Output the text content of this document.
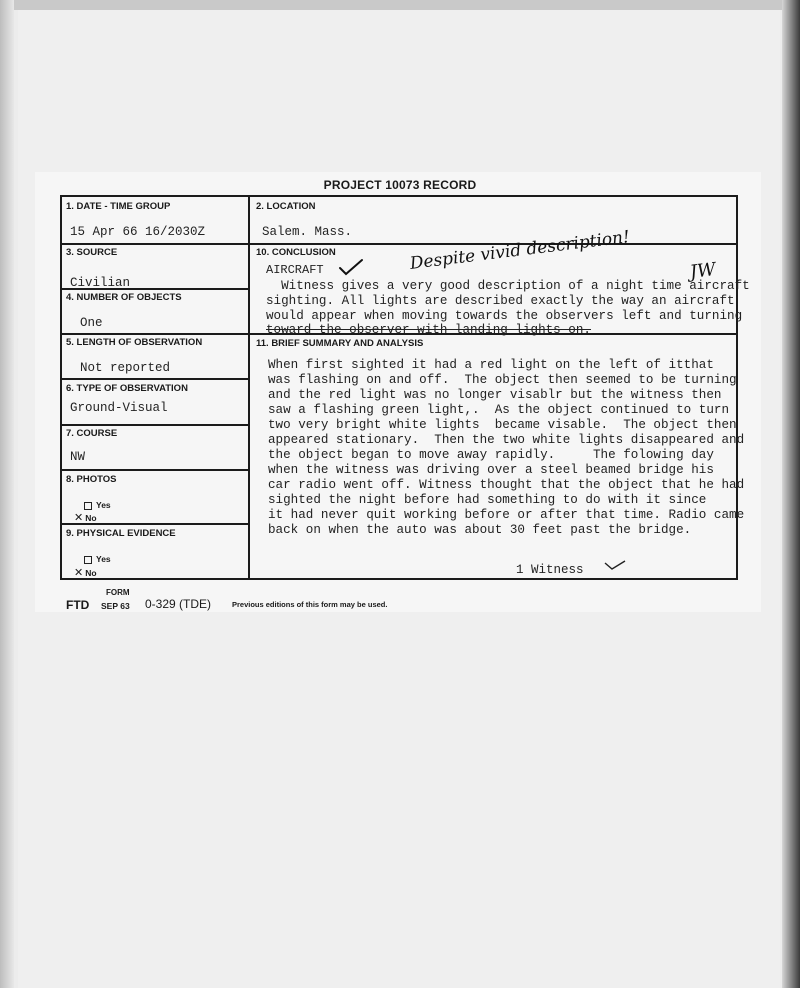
PROJECT 10073 RECORD
1. DATE - TIME GROUP
15 Apr 66 16/2030Z
2. LOCATION
Salem. Mass.
3. SOURCE
Civilian
4. NUMBER OF OBJECTS
One
5. LENGTH OF OBSERVATION
Not reported
6. TYPE OF OBSERVATION
Ground-Visual
7. COURSE
NW
8. PHOTOS
Yes
✕ No
9. PHYSICAL EVIDENCE
Yes
✕ No
10. CONCLUSION
AIRCRAFT	Despite vivid description!	JW
Witness gives a very good description of a night time aircraft
sighting. All lights are described exactly the way an aircraft
would appear when moving towards the observers left and turning
toward the observer with landing lights on.
11. BRIEF SUMMARY AND ANALYSIS
When first sighted it had a red light on the left of itthat
was flashing on and off.  The object then seemed to be turning
and the red light was no longer visablr but the witness then
saw a flashing green light,.  As the object continued to turn
two very bright white lights  became visable.  The object then
appeared stationary.  Then the two white lights disappeared and
the object began to move away rapidly.     The folowing day
when the witness was driving over a steel beamed bridge his
car radio went off. Witness thought that the object that he had
sighted the night before had something to do with it since
it had never quit working before or after that time. Radio came
back on when the auto was about 30 feet past the bridge.
1 Witness
FORM
FTD SEP 63 0-329 (TDE)	Previous editions of this form may be used.
